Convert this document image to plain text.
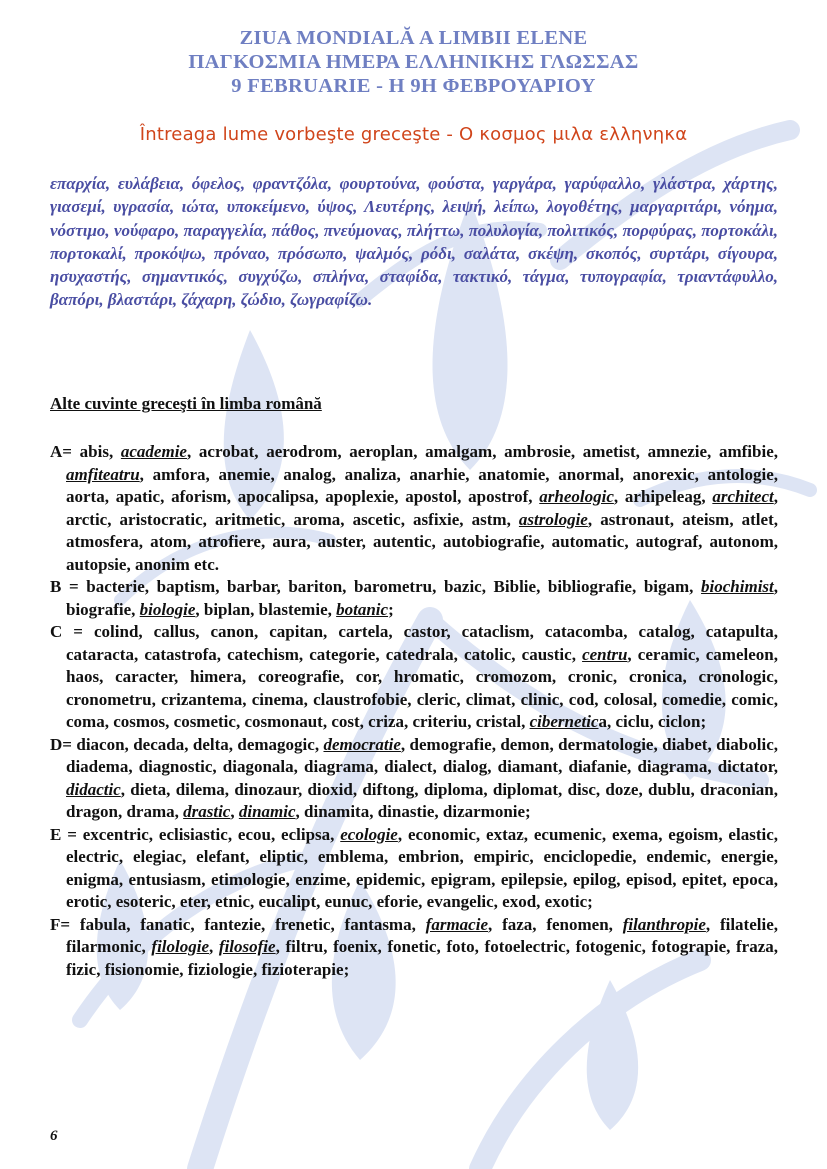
ZIUA MONDIALĂ A LIMBII ELENE
ΠΑΓΚΟΣΜΙΑ ΗΜΕΡΑ ΕΛΛΗΝΙΚΗΣ ΓΛΩΣΣΑΣ
9 FEBRUARIE - Η 9Η ΦΕΒΡΟΥΑΡΙΟΥ
Întreaga lume vorbeşte greceşte - Ο κοσμος μιλα ελληνηκα
επαρχία, ευλάβεια, όφελος, φραντζόλα, φουρτούνα, φούστα, γαργάρα, γαρύφαλλο, γλάστρα, χάρτης, γιασεμί, υγρασία, ιώτα, υποκείμενο, ύψος, Λευτέρης, λειψή, λείπω, λογοθέτης, μαργαριτάρι, νόημα, νόστιμο, νούφαρο, παραγγελία, πάθος, πνεύμονας, πλήττω, πολυλογία, πολιτικός, πορφύρας, πορτοκάλι, πορτοκαλί, προκόψω, πρόναο, πρόσωπο, ψαλμός, ρόδι, σαλάτα, σκέψη, σκοπός, συρτάρι, σίγουρα, ησυχαστής, σημαντικός, συγχύζω, σπλήνα, σταφίδα, τακτικό, τάγμα, τυπογραφία, τριαντάφυλλο, βαπόρι, βλαστάρι, ζάχαρη, ζώδιο, ζωγραφίζω.
Alte cuvinte greceşti în limba română

A= abis, academie, acrobat, aerodrom, aeroplan, amalgam, ambrosie, ametist, amnezie, amfibie, amfiteatru, amfora, anemie, analog, analiza, anarhie, anatomie, anormal, anorexic, antologie, aorta, apatic, aforism, apocalipsa, apoplexie, apostol, apostrof, arheologic, arhipeleag, architect, arctic, aristocratic, aritmetic, aroma, ascetic, asfixie, astm, astrologie, astronaut, ateism, atlet, atmosfera, atom, atrofiere, aura, auster, autentic, autobiografie, automatic, autograf, autonom, autopsie, anonim etc.

B = bacterie, baptism, barbar, bariton, barometru, bazic, Biblie, bibliografie, bigam, biochimist, biografie, biologie, biplan, blastemie, botanic;

C = colind, callus, canon, capitan, cartela, castor, cataclism, catacomba, catalog, catapulta, cataracta, catastrofa, catechism, categorie, catedrala, catolic, caustic, centru, ceramic, cameleon, haos, caracter, himera, coreografie, cor, hromatic, cromozom, cronic, cronica, cronologic, cronometru, crizantema, cinema, claustrofobie, cleric, climat, clinic, cod, colosal, comedie, comic, coma, cosmos, cosmetic, cosmonaut, cost, criza, criteriu, cristal, cibernetica, ciclu, ciclon;

D= diacon, decada, delta, demagogic, democratie, demografie, demon, dermatologie, diabet, diabolic, diadema, diagnostic, diagonala, diagrama, dialect, dialog, diamant, diafanie, diagrama, dictator, didactic, dieta, dilema, dinozaur, dioxid, diftong, diploma, diplomat, disc, doze, dublu, draconian, dragon, drama, drastic, dinamic, dinamita, dinastie, dizarmonie;

E = excentric, eclisiastic, ecou, eclipsa, ecologie, economic, extaz, ecumenic, exema, egoism, elastic, electric, elegiac, elefant, eliptic, emblema, embrion, empiric, enciclopedie, endemic, energie, enigma, entusiasm, etimologie, enzime, epidemic, epigram, epilepsie, epilog, episod, epitet, epoca, erotic, esoteric, eter, etnic, eucalipt, eunuc, eforie, evangelic, exod, exotic;

F= fabula, fanatic, fantezie, frenetic, fantasma, farmacie, faza, fenomen, filanthropie, filatelie, filarmonic, filologie, filosofie, filtru, foenix, fonetic, foto, fotoelectric, fotogenic, fotograpie, fraza, fizic, fisionomie, fiziologie, fizioterapie;

6
